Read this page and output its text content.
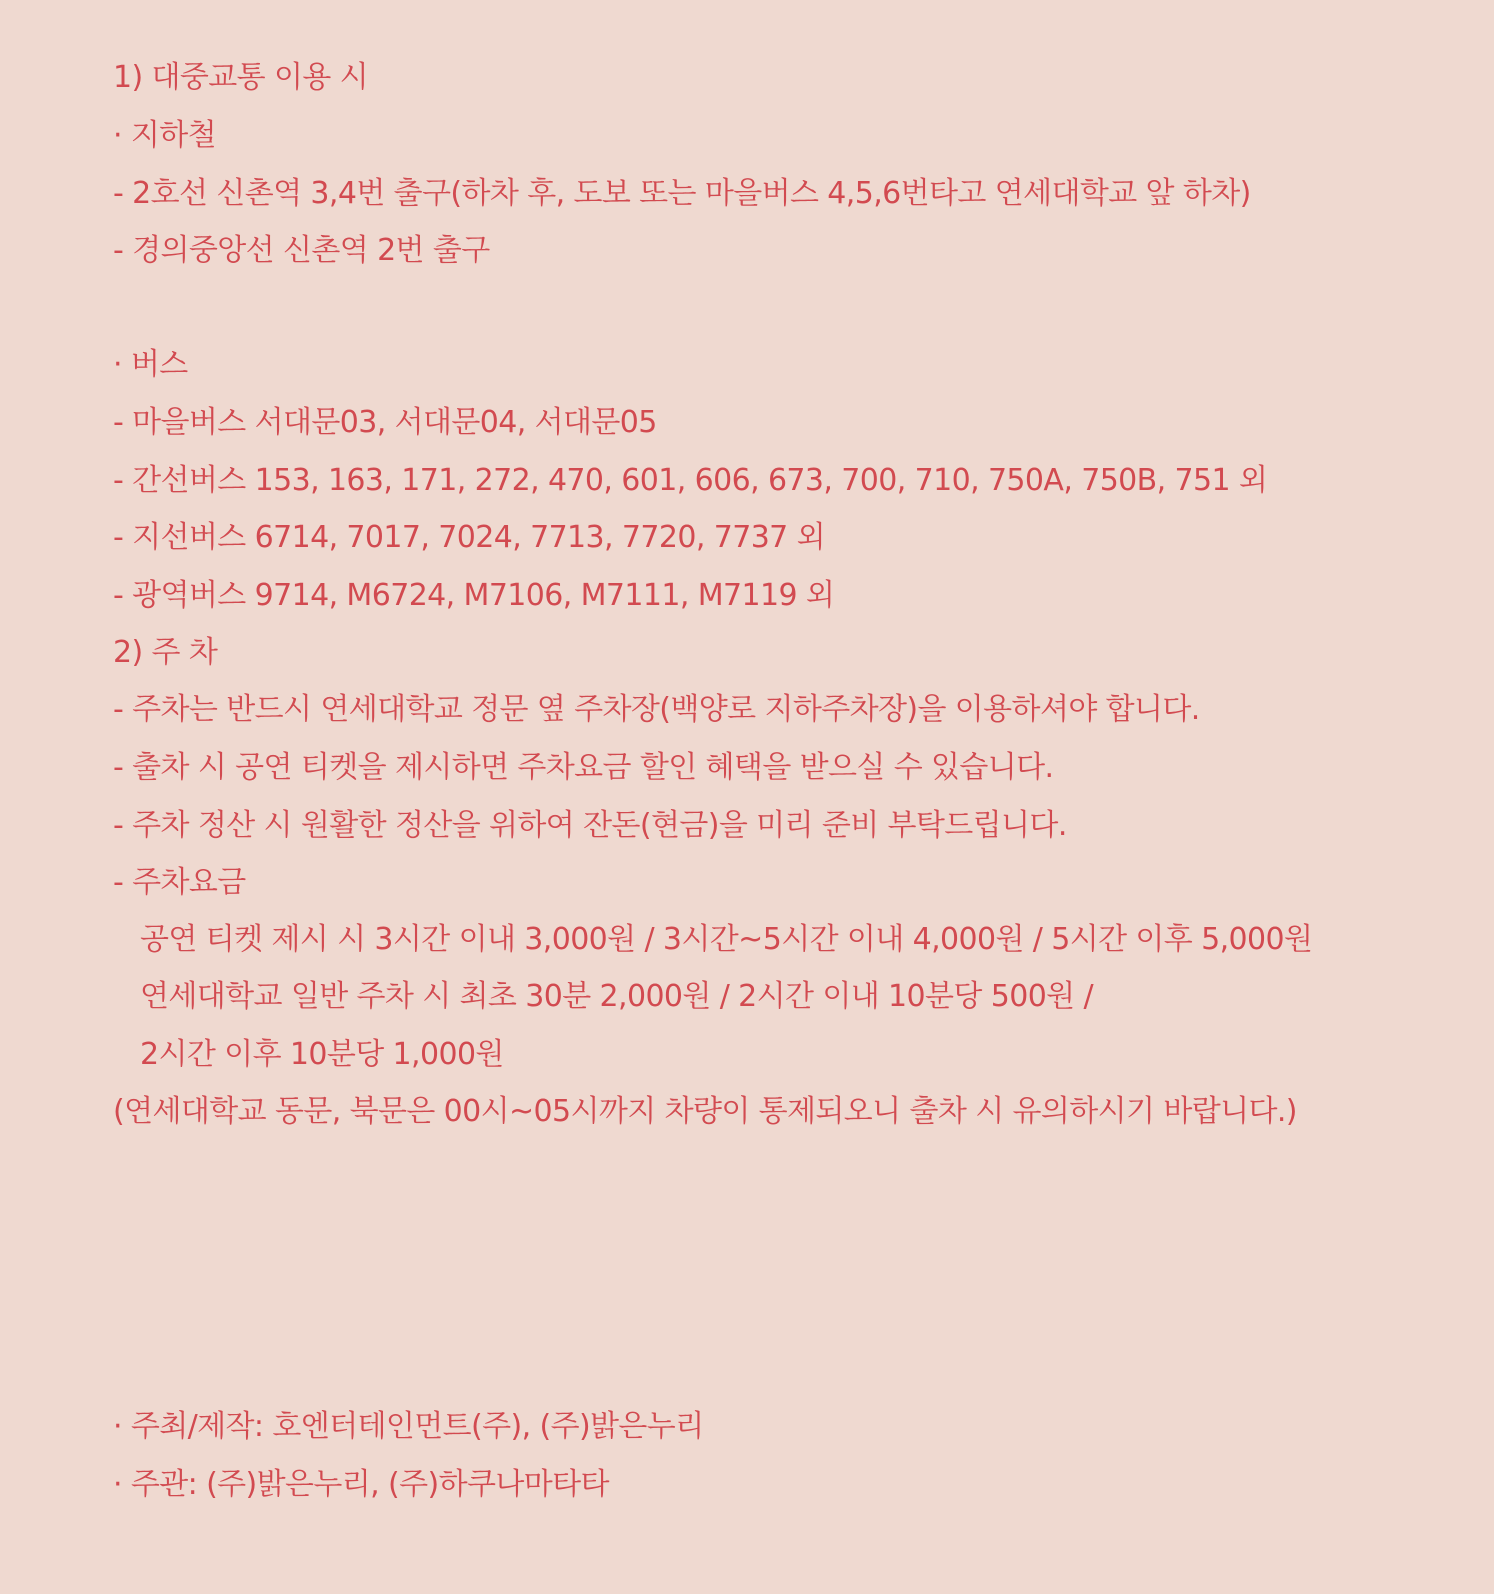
1) 대중교통 이용 시
· 지하철
- 2호선 신촌역 3,4번 출구(하차 후, 도보 또는 마을버스 4,5,6번타고 연세대학교 앞 하차)
- 경의중앙선 신촌역 2번 출구
· 버스
- 마을버스 서대문03, 서대문04, 서대문05
- 간선버스 153, 163, 171, 272, 470, 601, 606, 673, 700, 710, 750A, 750B, 751 외
- 지선버스 6714, 7017, 7024, 7713, 7720, 7737 외
- 광역버스 9714, M6724, M7106, M7111, M7119 외
2) 주 차
- 주차는 반드시 연세대학교 정문 옆 주차장(백양로 지하주차장)을 이용하셔야 합니다.
- 출차 시 공연 티켓을 제시하면 주차요금 할인 혜택을 받으실 수 있습니다.
- 주차 정산 시 원활한 정산을 위하여 잔돈(현금)을 미리 준비 부탁드립니다.
- 주차요금
공연 티켓 제시 시 3시간 이내 3,000원 / 3시간~5시간 이내 4,000원 / 5시간 이후 5,000원
연세대학교 일반 주차 시 최초 30분 2,000원 / 2시간 이내 10분당 500원 /
2시간 이후 10분당 1,000원
(연세대학교 동문, 북문은 00시~05시까지 차량이 통제되오니 출차 시 유의하시기 바랍니다.)
· 주최/제작: 호엔터테인먼트(주), (주)밝은누리
· 주관: (주)밝은누리, (주)하쿠나마타타
